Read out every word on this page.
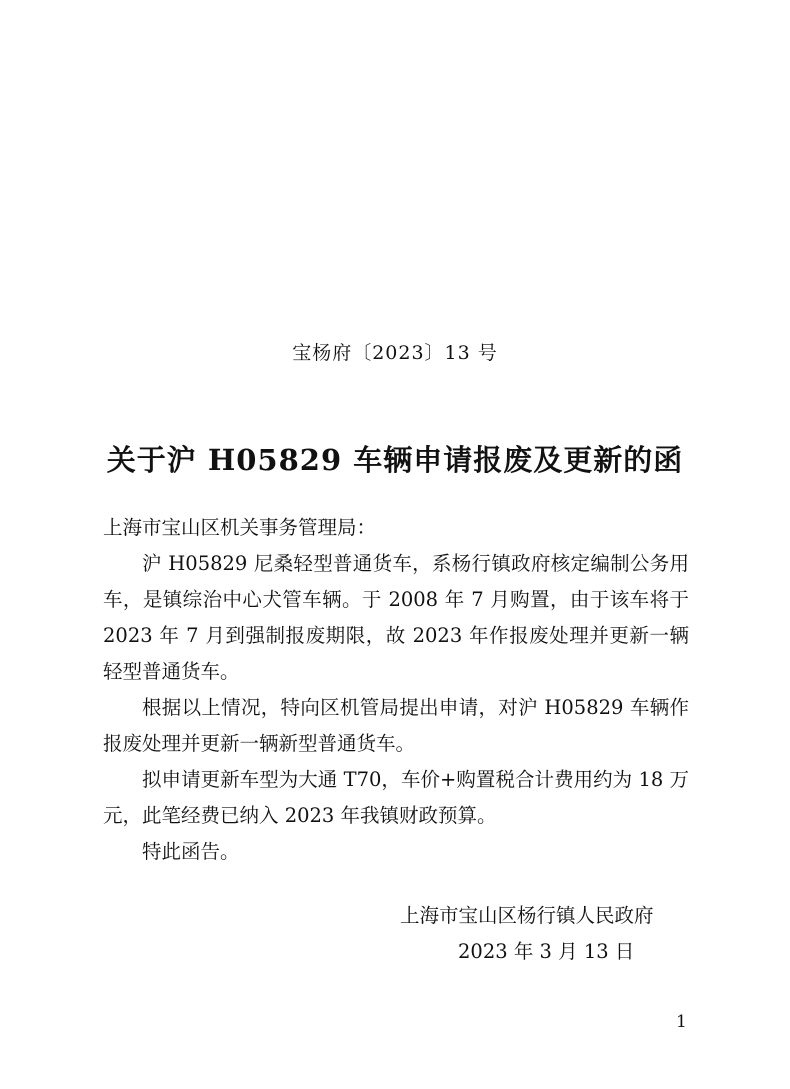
宝杨府〔2023〕13 号
关于沪 H05829 车辆申请报废及更新的函

上海市宝山区机关事务管理局：

沪 H05829 尼桑轻型普通货车，系杨行镇政府核定编制公务用车，是镇综治中心犬管车辆。于 2008 年 7 月购置，由于该车将于 2023 年 7 月到强制报废期限，故 2023 年作报废处理并更新一辆轻型普通货车。

根据以上情况，特向区机管局提出申请，对沪 H05829 车辆作报废处理并更新一辆新型普通货车。

拟申请更新车型为大通 T70，车价+购置税合计费用约为 18 万元，此笔经费已纳入 2023 年我镇财政预算。

特此函告。

上海市宝山区杨行镇人民政府
2023 年 3 月 13 日
1
